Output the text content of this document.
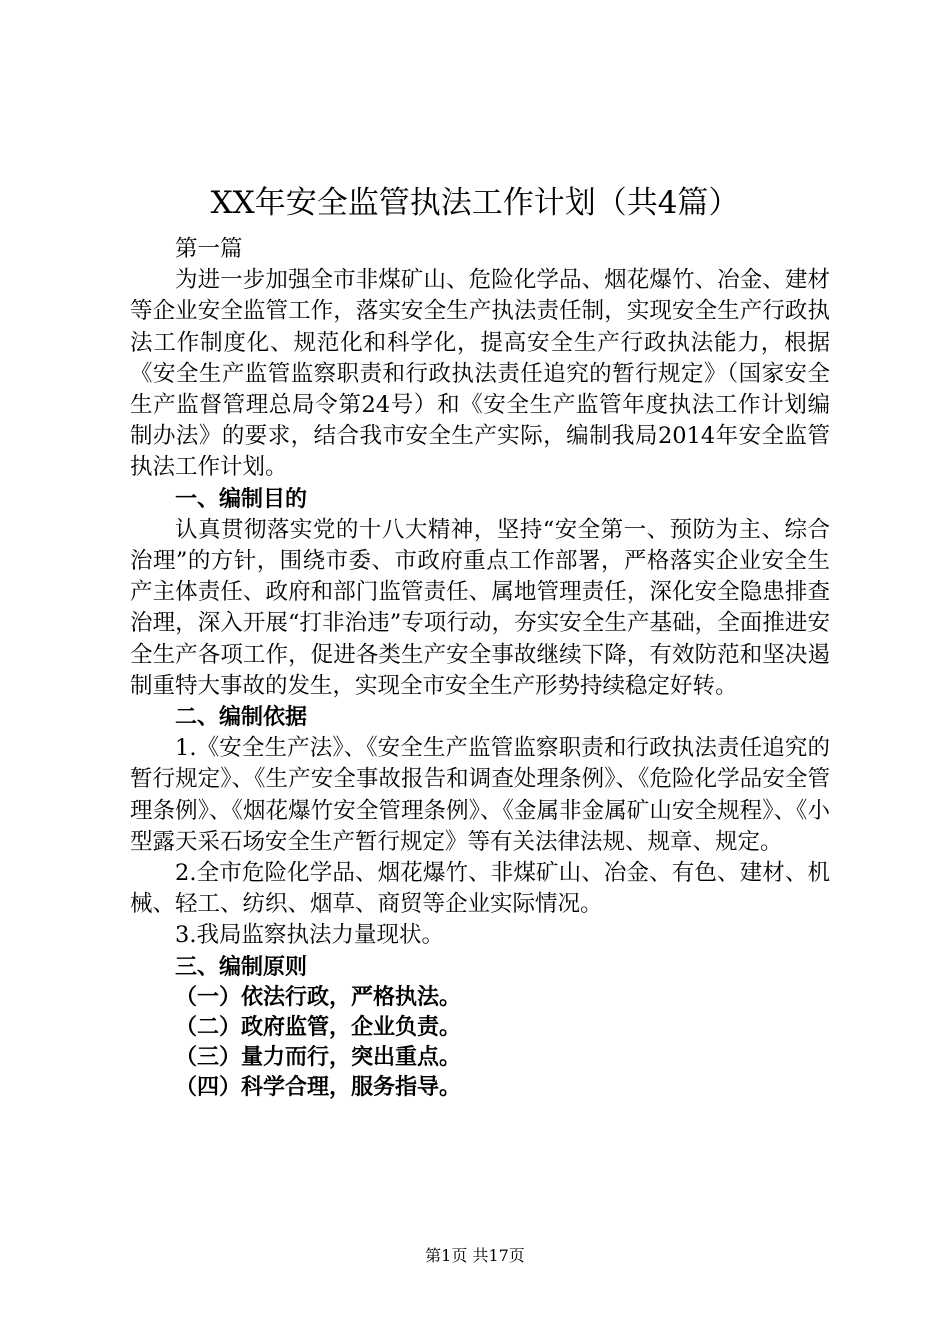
XX年安全监管执法工作计划（共4篇）

第一篇

为进一步加强全市非煤矿山、危险化学品、烟花爆竹、冶金、建材等企业安全监管工作，落实安全生产执法责任制，实现安全生产行政执法工作制度化、规范化和科学化，提高安全生产行政执法能力，根据《安全生产监管监察职责和行政执法责任追究的暂行规定》（国家安全生产监督管理总局令第24号）和《安全生产监管年度执法工作计划编制办法》的要求，结合我市安全生产实际，编制我局2014年安全监管执法工作计划。

一、编制目的

认真贯彻落实党的十八大精神，坚持“安全第一、预防为主、综合治理”的方针，围绕市委、市政府重点工作部署，严格落实企业安全生产主体责任、政府和部门监管责任、属地管理责任，深化安全隐患排查治理，深入开展“打非治违”专项行动，夯实安全生产基础，全面推进安全生产各项工作，促进各类生产安全事故继续下降，有效防范和坚决遏制重特大事故的发生，实现全市安全生产形势持续稳定好转。

二、编制依据

1.《安全生产法》、《安全生产监管监察职责和行政执法责任追究的暂行规定》、《生产安全事故报告和调查处理条例》、《危险化学品安全管理条例》、《烟花爆竹安全管理条例》、《金属非金属矿山安全规程》、《小型露天采石场安全生产暂行规定》等有关法律法规、规章、规定。

2.全市危险化学品、烟花爆竹、非煤矿山、冶金、有色、建材、机械、轻工、纺织、烟草、商贸等企业实际情况。

3.我局监察执法力量现状。

三、编制原则

（一）依法行政，严格执法。

（二）政府监管，企业负责。

（三）量力而行，突出重点。

（四）科学合理，服务指导。

第1页 共17页
